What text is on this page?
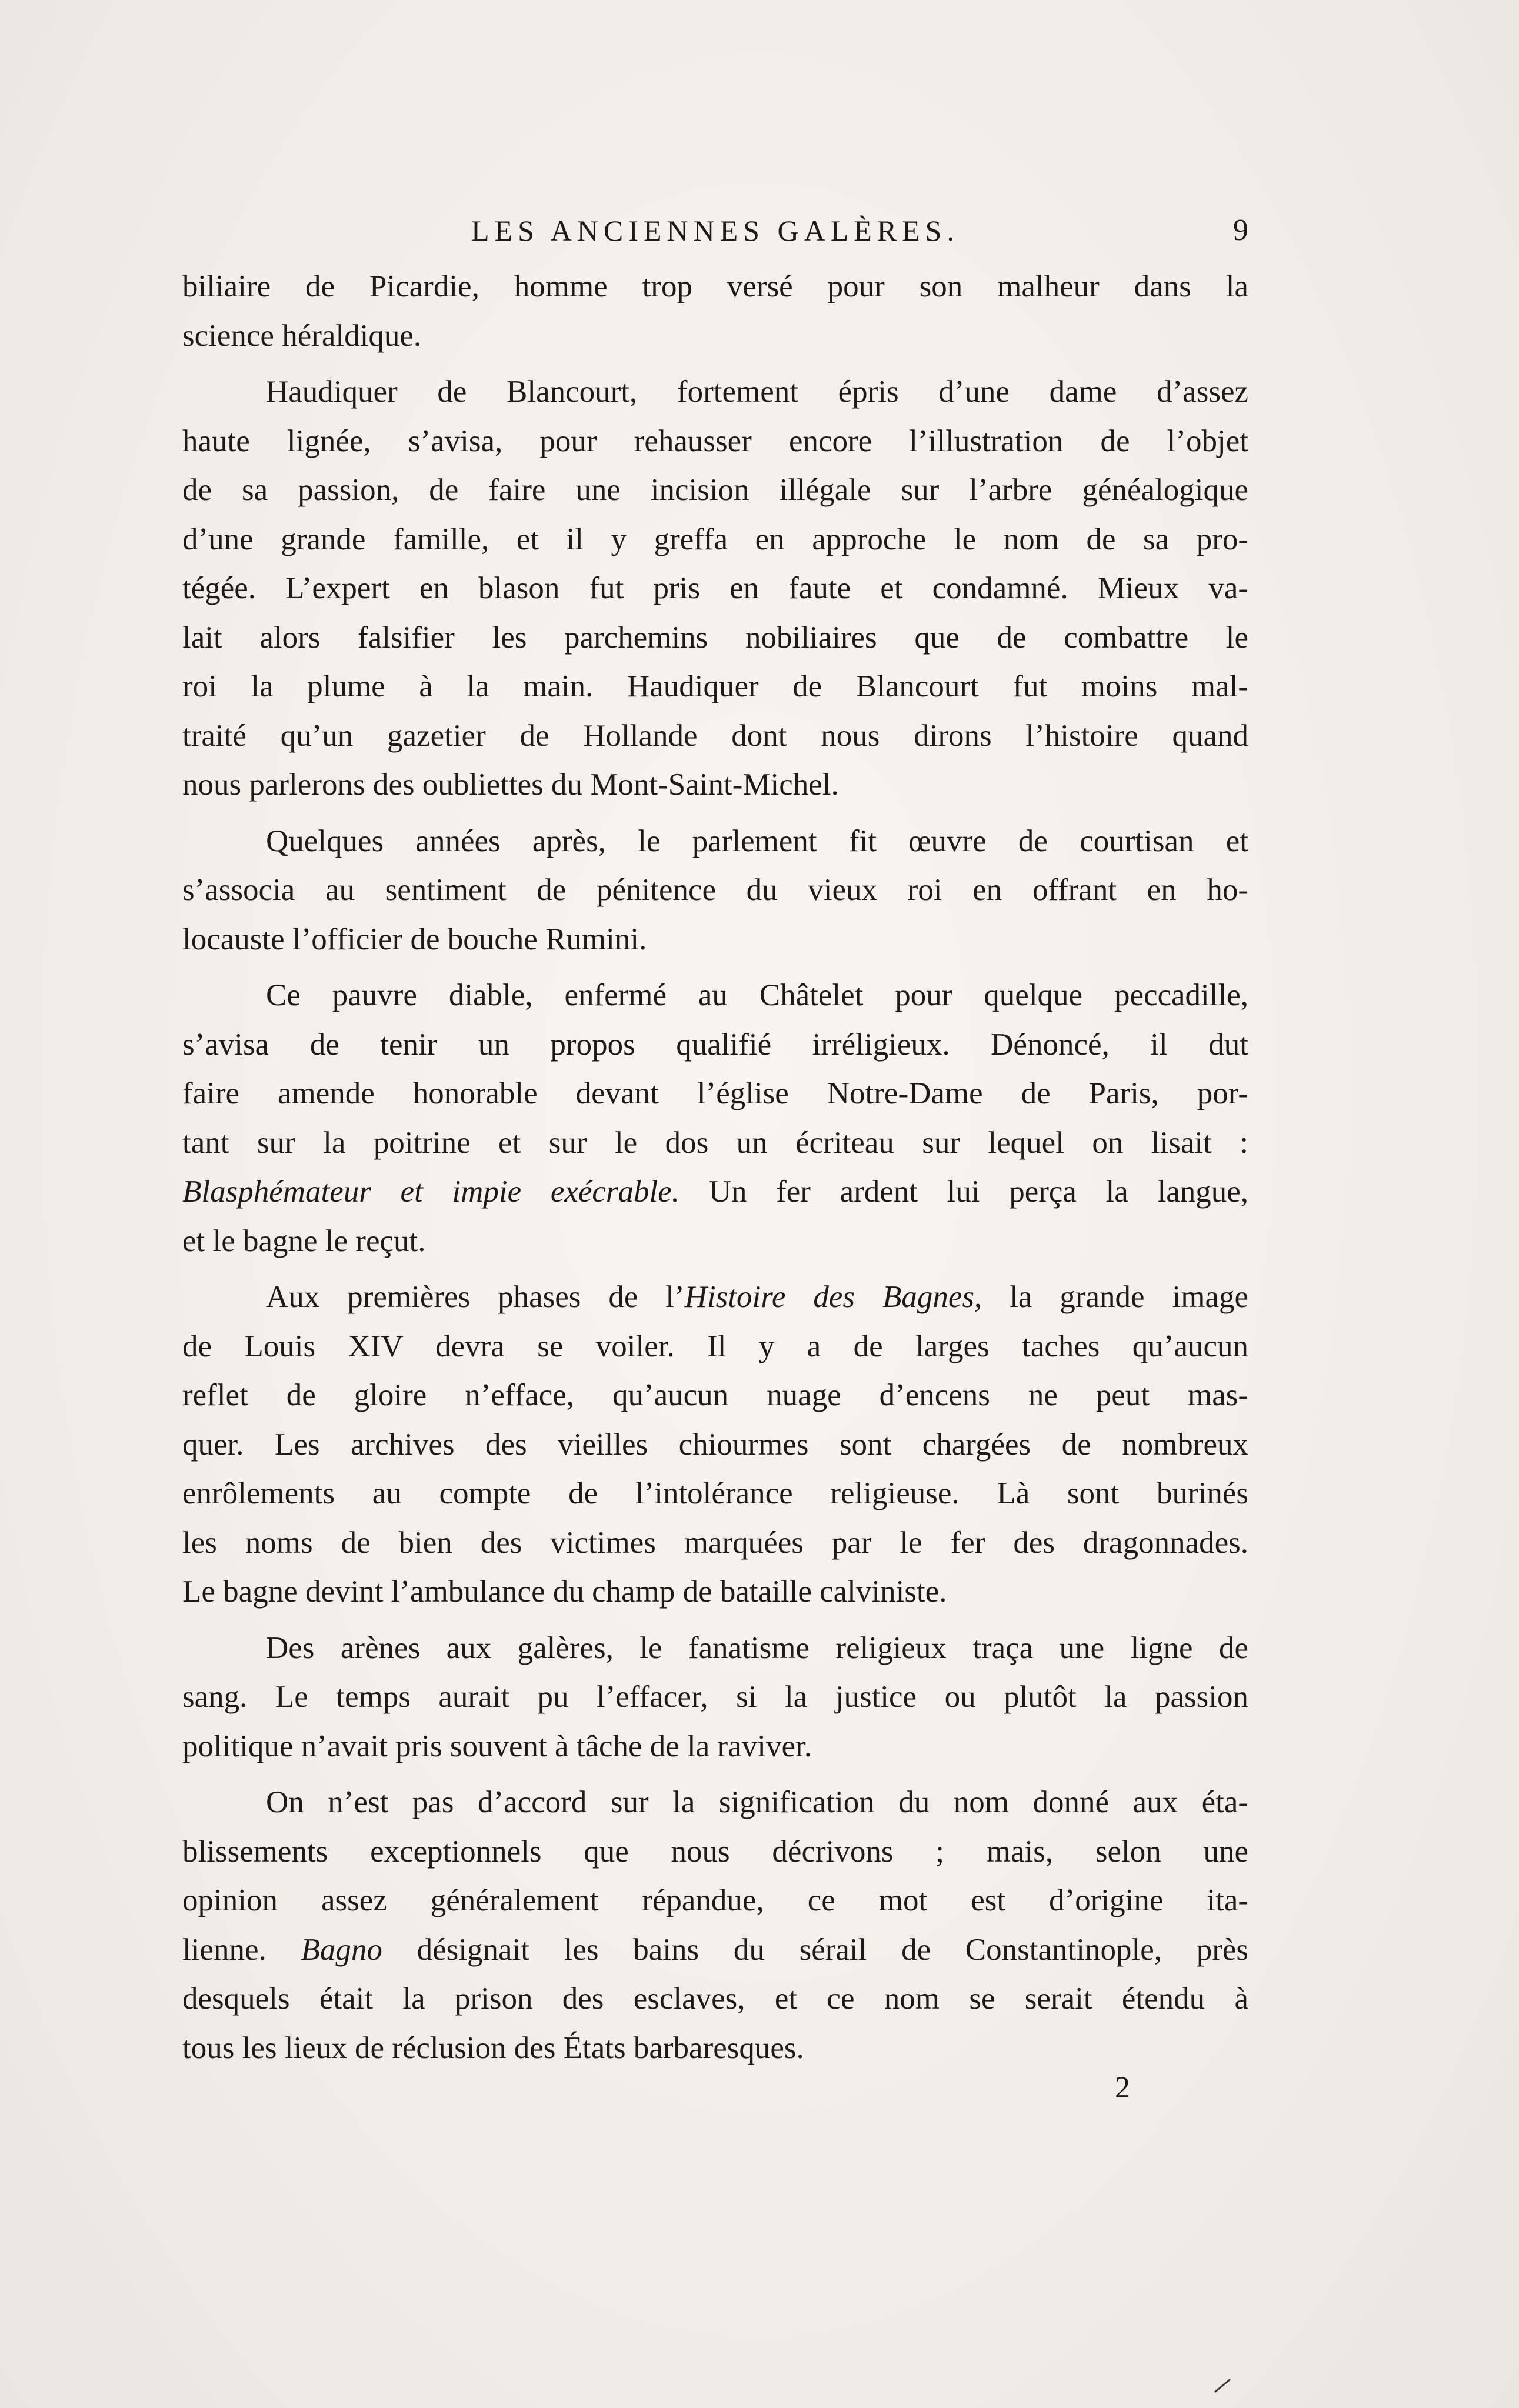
LES ANCIENNES GALÈRES.	9
biliaire de Picardie, homme trop versé pour son malheur dans la
science héraldique.
Haudiquer de Blancourt, fortement épris d’une dame d’assez
haute lignée, s’avisa, pour rehausser encore l’illustration de l’objet
de sa passion, de faire une incision illégale sur l’arbre généalogique
d’une grande famille, et il y greffa en approche le nom de sa pro-
tégée. L’expert en blason fut pris en faute et condamné. Mieux va-
lait alors falsifier les parchemins nobiliaires que de combattre le
roi la plume à la main. Haudiquer de Blancourt fut moins mal-
traité qu’un gazetier de Hollande dont nous dirons l’histoire quand
nous parlerons des oubliettes du Mont-Saint-Michel.
Quelques années après, le parlement fit œuvre de courtisan et
s’associa au sentiment de pénitence du vieux roi en offrant en ho-
locauste l’officier de bouche Rumini.
Ce pauvre diable, enfermé au Châtelet pour quelque peccadille,
s’avisa de tenir un propos qualifié irréligieux. Dénoncé, il dut
faire amende honorable devant l’église Notre-Dame de Paris, por-
tant sur la poitrine et sur le dos un écriteau sur lequel on lisait :
Blasphémateur et impie exécrable. Un fer ardent lui perça la langue,
et le bagne le reçut.
Aux premières phases de l’Histoire des Bagnes, la grande image
de Louis XIV devra se voiler. Il y a de larges taches qu’aucun
reflet de gloire n’efface, qu’aucun nuage d’encens ne peut mas-
quer. Les archives des vieilles chiourmes sont chargées de nombreux
enrôlements au compte de l’intolérance religieuse. Là sont burinés
les noms de bien des victimes marquées par le fer des dragonnades.
Le bagne devint l’ambulance du champ de bataille calviniste.
Des arènes aux galères, le fanatisme religieux traça une ligne de
sang. Le temps aurait pu l’effacer, si la justice ou plutôt la passion
politique n’avait pris souvent à tâche de la raviver.
On n’est pas d’accord sur la signification du nom donné aux éta-
blissements exceptionnels que nous décrivons ; mais, selon une
opinion assez généralement répandue, ce mot est d’origine ita-
lienne. Bagno désignait les bains du sérail de Constantinople, près
desquels était la prison des esclaves, et ce nom se serait étendu à
tous les lieux de réclusion des États barbaresques.
2
